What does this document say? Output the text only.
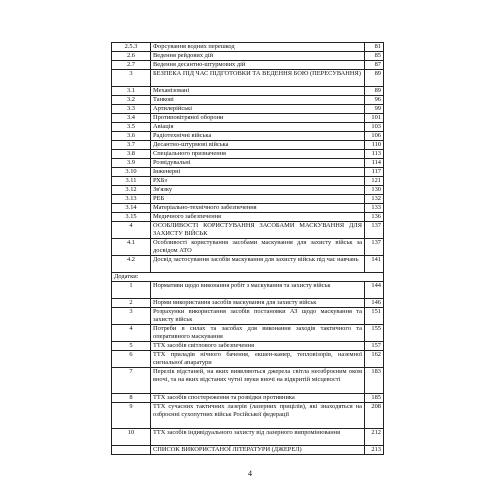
2.5.3	Форсування водних перешкод	81
2.6	Ведення рейдових дій	85
2.7	Ведення десантно-штурмових дій	87
3	БЕЗПЕКА ПІД ЧАС ПІДГОТОВКИ ТА ВЕДЕННЯ БОЮ (ПЕРЕСУВАННЯ)	89
3.1	Механізовані	89
3.2	Танкові	96
3.3	Артилерійські	99
3.4	Протиповітряної оборони	101
3.5	Авіація	103
3.6	Радіотехнічні війська	106
3.7	Десантно-штурмові війська	110
3.8	Спеціального призначення	113
3.9	Розвідувальні	114
3.10	Інженерні	117
3.11	РХБз	121
3.12	Зв'язку	130
3.13	РЕБ	132
3.14	Матеріально-технічного забезпечення	133
3.15	Медичного забезпечення	136
4	ОСОБЛИВОСТІ КОРИСТУВАННЯ ЗАСОБАМИ МАСКУВАННЯ ДЛЯ ЗАХИСТУ ВІЙСЬК	137
4.1	Особливості користування засобами маскування для захисту військ за досвідом АТО	137
4.2	Досвід застосування засобів маскування для захисту військ під час навчань	141
Додатки:		
1	Нормативи щодо виконання робіт з маскування та захисту військ	144
2	Норми використання засобів маскування для захисту військ	146
3	Розрахунки використання засобів постановки АЗ щодо маскування та захисту військ	151
4	Потреби в силах та засобах для виконання заходів тактичного та оперативного маскування	155
5	ТТХ засобів світлового забезпечення	157
6	ТТХ приладів нічного бачення, екшен-камер, тепловізорів, наземної сигнальної апаратури	162
7	Перелік відстаней, на яких виявляються джерела світла неозброєним оком вночі, та на яких відстанях чутні звуки вночі на відкритій місцевості	183
8	ТТХ засобів спостереження та розвідки противника	185
9	ТТХ сучасних тактичних лазерів (лазерних прицілів), які знаходяться на озброєнні сухопутних військ Російської федерації	208
10	ТТХ засобів індивідуального захисту від лазерного випромінювання	212
	СПИСОК ВИКОРИСТАНОЇ ЛІТЕРАТУРИ (ДЖЕРЕЛ)	213
4
